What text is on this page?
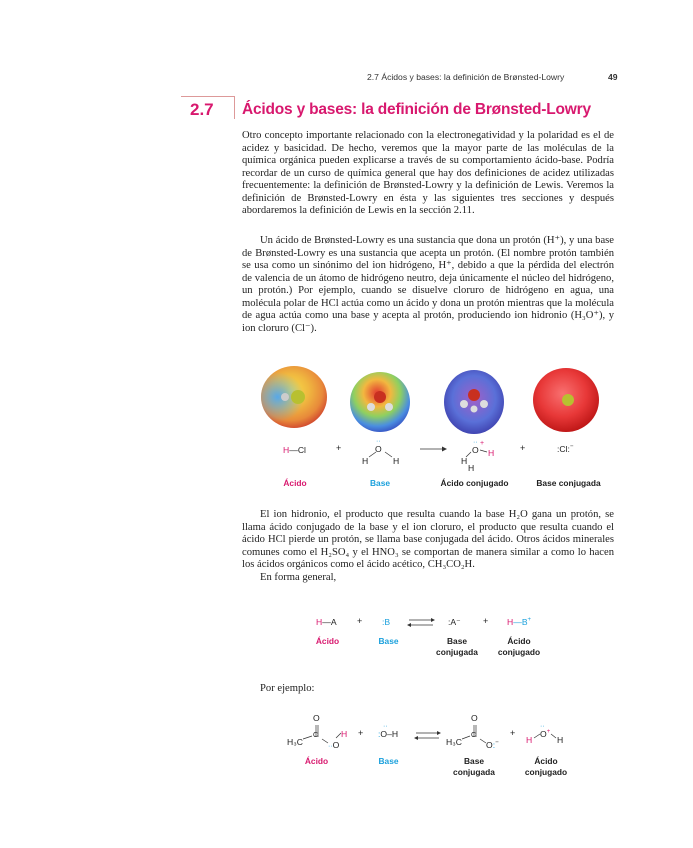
2.7 Ácidos y bases: la definición de Brønsted-Lowry	49
2.7 Ácidos y bases: la definición de Brønsted-Lowry

Otro concepto importante relacionado con la electronegatividad y la polaridad es el de acidez y basicidad. De hecho, veremos que la mayor parte de las moléculas de la química orgánica pueden explicarse a través de su comportamiento ácido-base. Podría recordar de un curso de química general que hay dos definiciones de acidez utilizadas frecuentemente: la definición de Brønsted-Lowry y la definición de Lewis. Veremos la definición de Brønsted-Lowry en ésta y las siguientes tres secciones y después abordaremos la definición de Lewis en la sección 2.11.

Un ácido de Brønsted-Lowry es una sustancia que dona un protón (H⁺), y una base de Brønsted-Lowry es una sustancia que acepta un protón. (El nombre protón también se usa como un sinónimo del ion hidrógeno, H⁺, debido a que la pérdida del electrón de valencia de un átomo de hidrógeno neutro, deja únicamente el núcleo del hidrógeno, un protón.) Por ejemplo, cuando se disuelve cloruro de hidrógeno en agua, una molécula polar de HCl actúa como un ácido y dona un protón mientras que la molécula de agua actúa como una base y acepta al protón, produciendo ion hidronio (H₃O⁺), y ion cloruro (Cl⁻).

H—Cl	+
··
O
H	H
··
O
+
H
H
H
+	:Cl:−
Ácido	Base	Ácido conjugado	Base conjugada

El ion hidronio, el producto que resulta cuando la base H₂O gana un protón, se llama ácido conjugado de la base y el ion cloruro, el producto que resulta cuando el ácido HCl pierde un protón, se llama base conjugada del ácido. Otros ácidos minerales comunes como el H₂SO₄ y el HNO₃ se comportan de manera similar a como lo hacen los ácidos orgánicos como el ácido acético, CH₃CO₂H.

En forma general,

H—A + :B	:A⁻ + H—B+
Ácido	Base	Base
conjugada
Ácido
conjugado

Por ejemplo:

O
H₃C
C
··O
H + :
··
O–H
O
H₃C
C
O:−
+
H
··
O+
H
Ácido	Base	Base
conjugada
Ácido
conjugado
